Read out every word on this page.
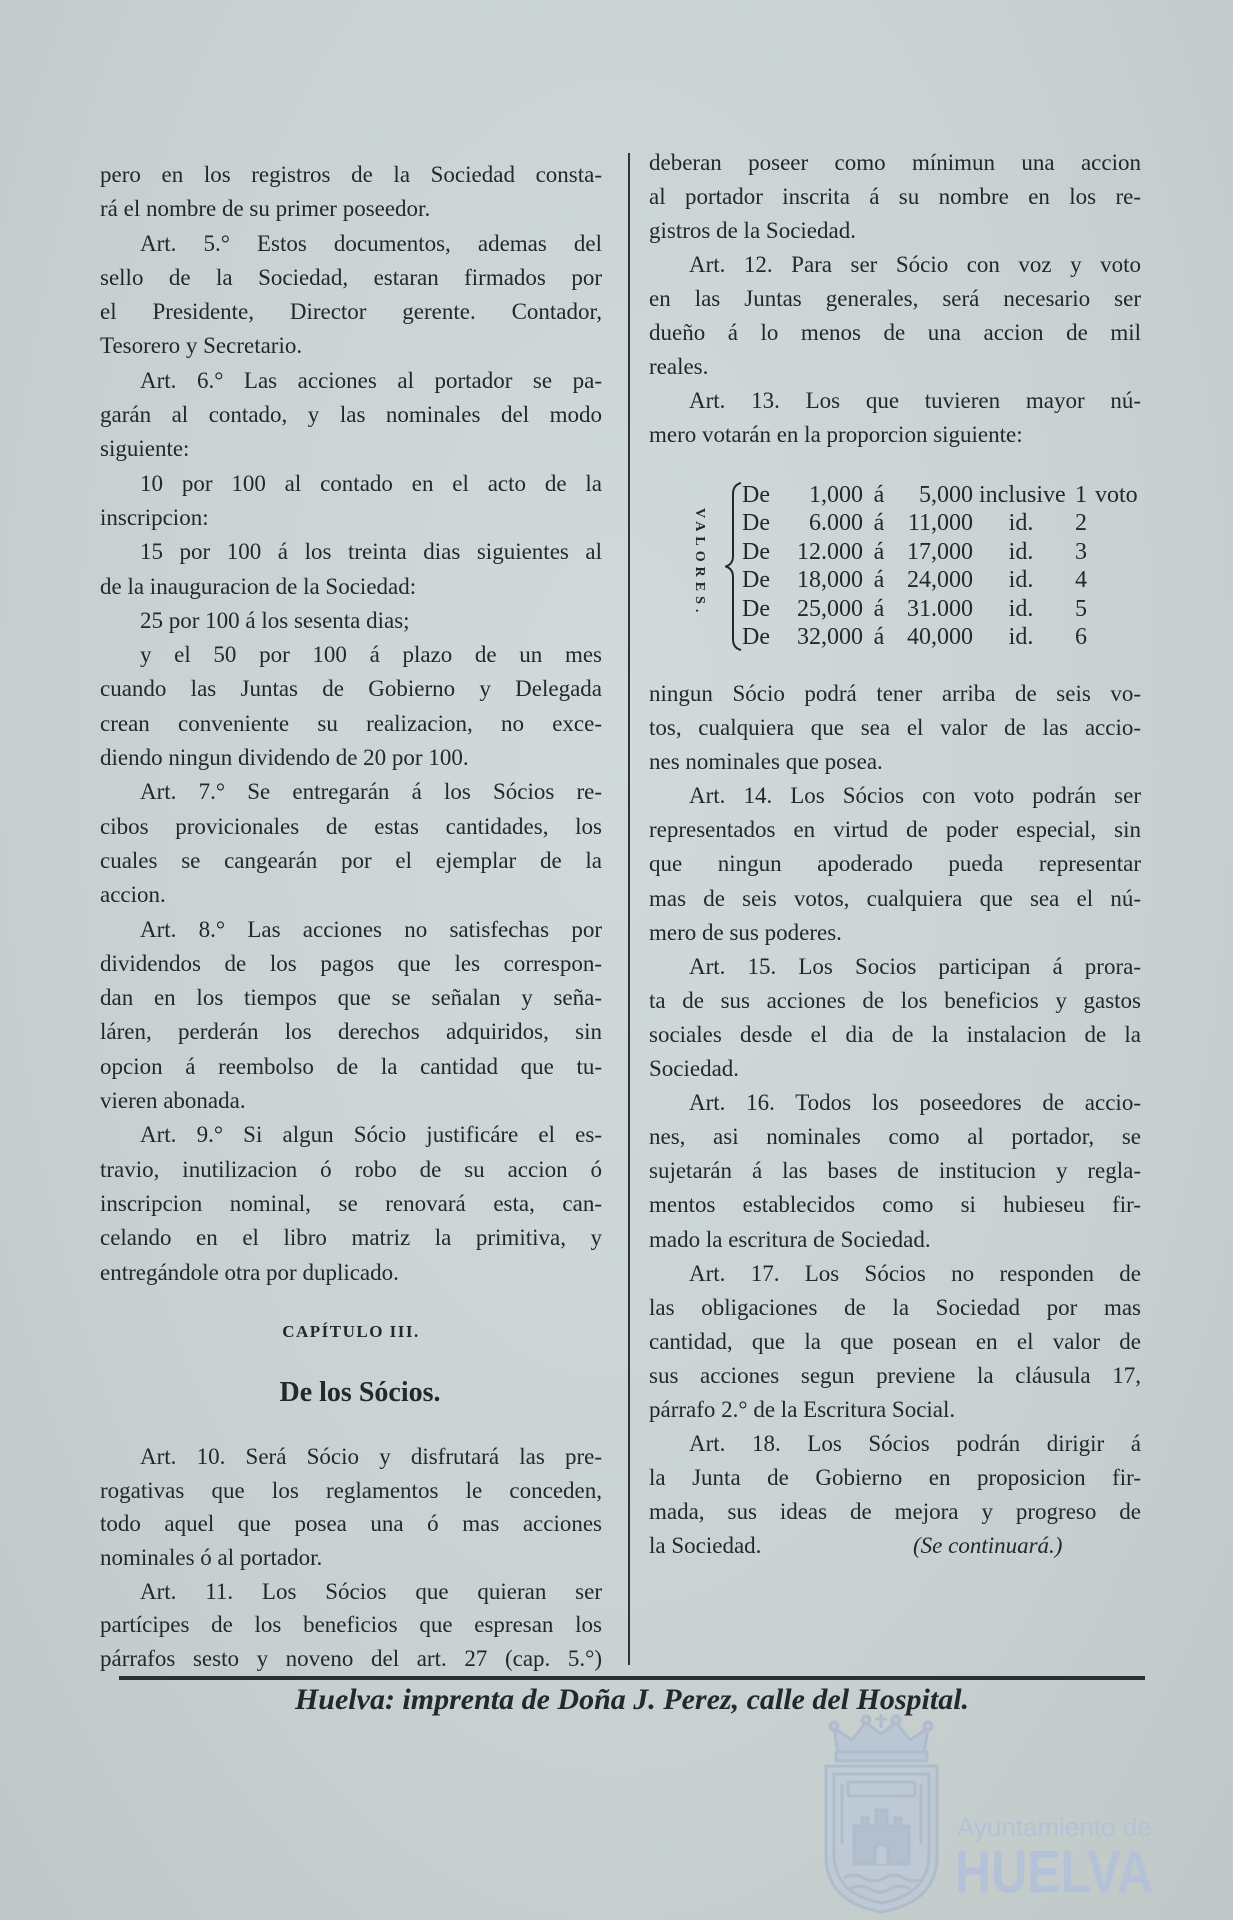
pero en los registros de la Sociedad consta-
rá el nombre de su primer poseedor.
Art. 5.° Estos documentos, ademas del
sello de la Sociedad, estaran firmados por
el Presidente, Director gerente. Contador,
Tesorero y Secretario.
Art. 6.° Las acciones al portador se pa-
garán al contado, y las nominales del modo
siguiente:
10 por 100 al contado en el acto de la
inscripcion:
15 por 100 á los treinta dias siguientes al
de la inauguracion de la Sociedad:
25 por 100 á los sesenta dias;
y el 50 por 100 á plazo de un mes
cuando las Juntas de Gobierno y Delegada
crean conveniente su realizacion, no exce-
diendo ningun dividendo de 20 por 100.
Art. 7.° Se entregarán á los Sócios re-
cibos provicionales de estas cantidades, los
cuales se cangearán por el ejemplar de la
accion.
Art. 8.° Las acciones no satisfechas por
dividendos de los pagos que les correspon-
dan en los tiempos que se señalan y seña-
láren, perderán los derechos adquiridos, sin
opcion á reembolso de la cantidad que tu-
vieren abonada.
Art. 9.° Si algun Sócio justificáre el es-
travio, inutilizacion ó robo de su accion ó
inscripcion nominal, se renovará esta, can-
celando en el libro matriz la primitiva, y
entregándole otra por duplicado.
CAPÍTULO III.
De los Sócios.
Art. 10. Será Sócio y disfrutará las pre-
rogativas que los reglamentos le conceden,
todo aquel que posea una ó mas acciones
nominales ó al portador.
Art. 11. Los Sócios que quieran ser
partícipes de los beneficios que espresan los
párrafos sesto y noveno del art. 27 (cap. 5.°)
deberan poseer como mínimun una accion
al portador inscrita á su nombre en los re-
gistros de la Sociedad.
Art. 12. Para ser Sócio con voz y voto
en las Juntas generales, será necesario ser
dueño á lo menos de una accion de mil
reales.
Art. 13. Los que tuvieren mayor nú-
mero votarán en la proporcion siguiente:
VALORES.
De	1,000 á	5,000 inclusive 1 voto
De	6.000 á 11,000	id.	2
De	12.000 á 17,000	id.	3
De	18,000 á 24,000	id.	4
De	25,000 á 31.000	id.	5
De	32,000 á 40,000	id.	6
ningun Sócio podrá tener arriba de seis vo-
tos, cualquiera que sea el valor de las accio-
nes nominales que posea.
Art. 14. Los Sócios con voto podrán ser
representados en virtud de poder especial, sin
que ningun apoderado pueda representar
mas de seis votos, cualquiera que sea el nú-
mero de sus poderes.
Art. 15. Los Socios participan á prora-
ta de sus acciones de los beneficios y gastos
sociales desde el dia de la instalacion de la
Sociedad.
Art. 16. Todos los poseedores de accio-
nes, asi nominales como al portador, se
sujetarán á las bases de institucion y regla-
mentos establecidos como si hubieseu fir-
mado la escritura de Sociedad.
Art. 17. Los Sócios no responden de
las obligaciones de la Sociedad por mas
cantidad, que la que posean en el valor de
sus acciones segun previene la cláusula 17,
párrafo 2.° de la Escritura Social.
Art. 18. Los Sócios podrán dirigir á
la Junta de Gobierno en proposicion fir-
mada, sus ideas de mejora y progreso de
la Sociedad.	(Se continuará.)
Huelva: imprenta de Doña J. Perez, calle del Hospital.
Ayuntamiento de
HUELVA
